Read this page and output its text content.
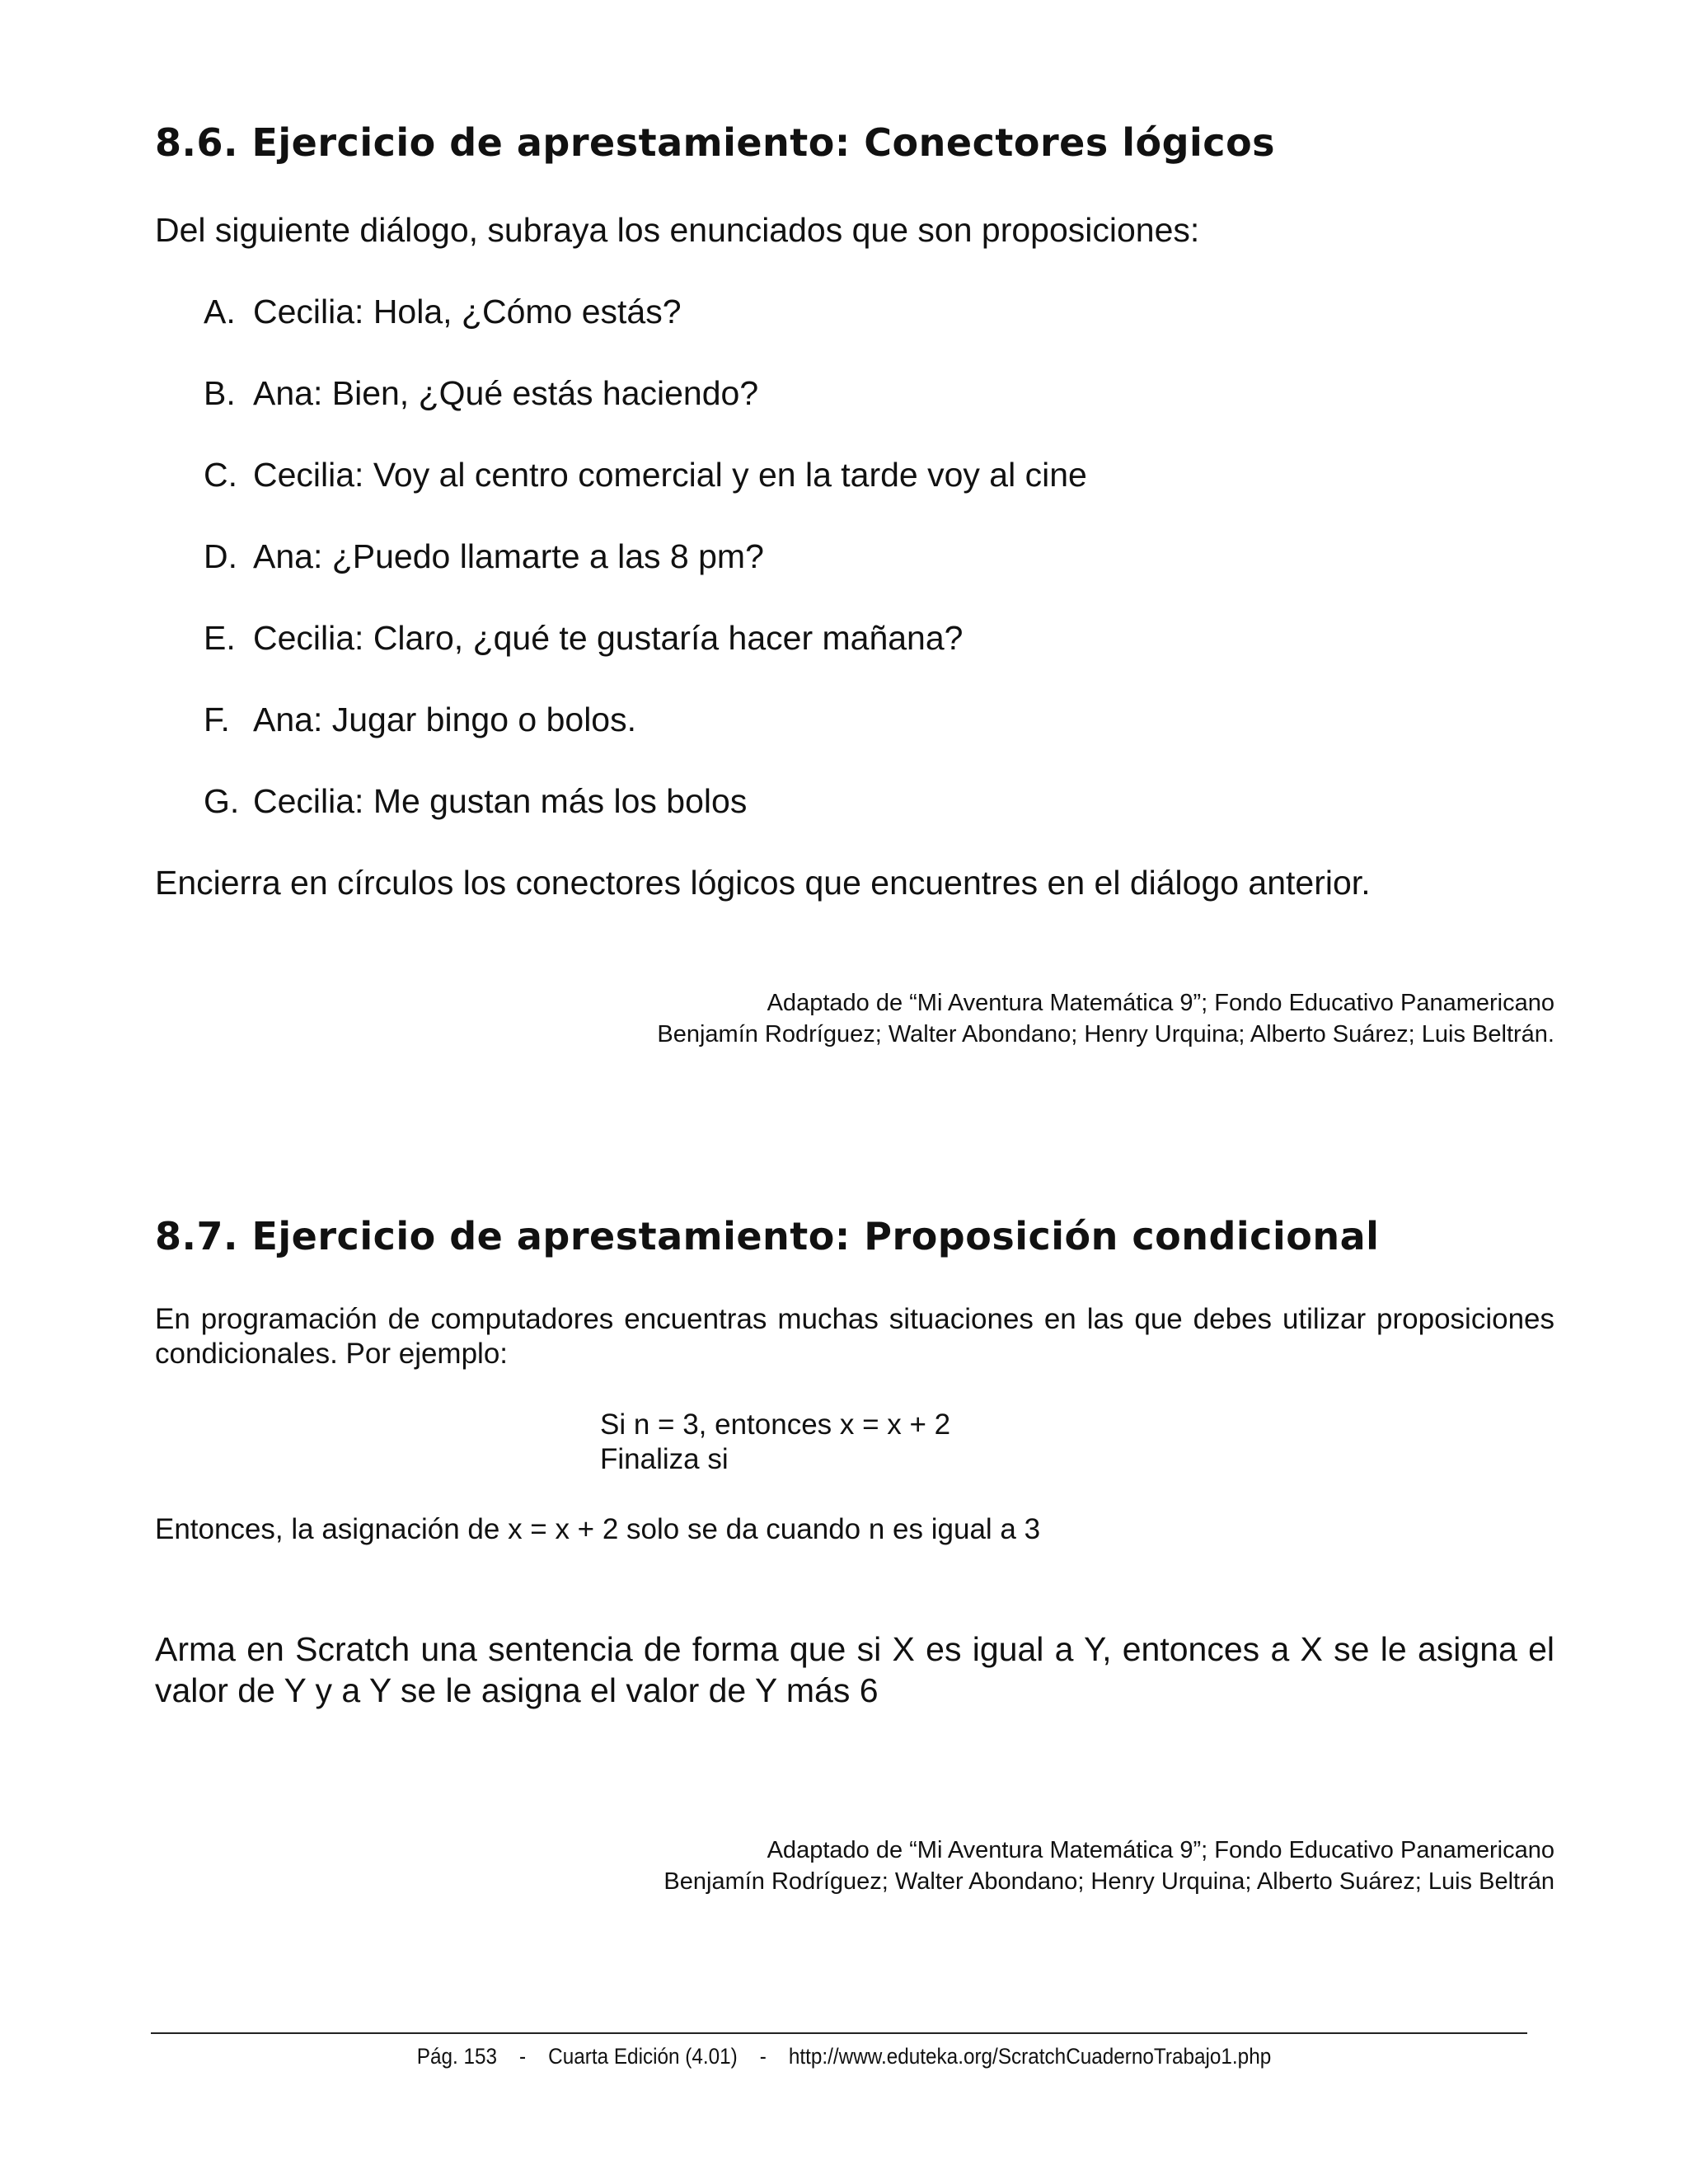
8.6. Ejercicio de aprestamiento: Conectores lógicos
Del siguiente diálogo, subraya los enunciados que son proposiciones:
A. Cecilia: Hola, ¿Cómo estás?
B. Ana: Bien, ¿Qué estás haciendo?
C. Cecilia: Voy al centro comercial y en la tarde voy al cine
D. Ana: ¿Puedo llamarte a las 8 pm?
E. Cecilia: Claro, ¿qué te gustaría hacer mañana?
F. Ana: Jugar bingo o bolos.
G. Cecilia: Me gustan más los bolos
Encierra en círculos los conectores lógicos que encuentres en el diálogo anterior.
Adaptado de “Mi Aventura Matemática 9”; Fondo Educativo Panamericano
Benjamín Rodríguez; Walter Abondano; Henry Urquina; Alberto Suárez; Luis Beltrán.
8.7. Ejercicio de aprestamiento: Proposición condicional
En programación de computadores encuentras muchas situaciones en las que debes utilizar proposiciones condicionales. Por ejemplo:
Si n = 3, entonces x = x + 2
Finaliza si
Entonces, la asignación de x = x + 2 solo se da cuando n es igual a 3
Arma en Scratch una sentencia de forma que si X es igual a Y, entonces a X se le asigna el valor de Y y a Y se le asigna el valor de Y más 6
Adaptado de “Mi Aventura Matemática 9”; Fondo Educativo Panamericano
Benjamín Rodríguez; Walter Abondano; Henry Urquina; Alberto Suárez; Luis Beltrán
Pág. 153    -    Cuarta Edición (4.01)    -    http://www.eduteka.org/ScratchCuadernoTrabajo1.php
